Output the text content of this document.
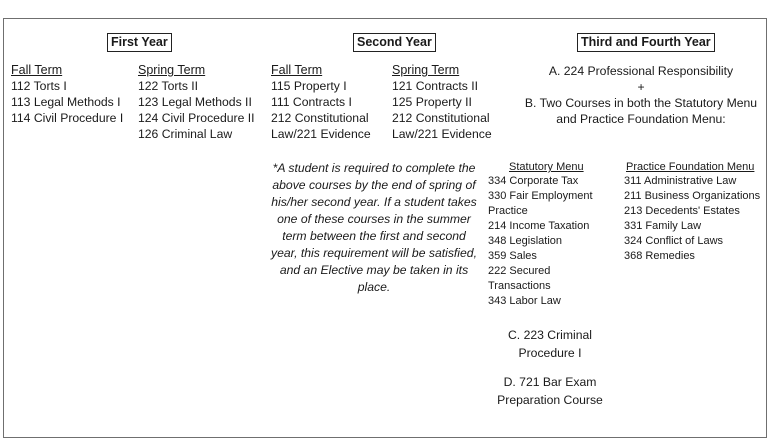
First Year	Second Year	Third and Fourth Year
Fall Term
112 Torts I
113 Legal Methods I
114 Civil Procedure I
Spring Term
122 Torts II
123 Legal Methods II
124 Civil Procedure II
126 Criminal Law
Fall Term
115 Property I
111 Contracts I
212 Constitutional
Law/221 Evidence
Spring Term
121 Contracts II
125 Property II
212 Constitutional
Law/221 Evidence
*A student is required to complete the above courses by the end of spring of his/her second year. If a student takes one of these courses in the summer term between the first and second year, this requirement will be satisfied, and an Elective may be taken in its place.
A. 224 Professional Responsibility
+
B. Two Courses in both the Statutory Menu
and Practice Foundation Menu:
Statutory Menu
334 Corporate Tax
330 Fair Employment
Practice
214 Income Taxation
348 Legislation
359 Sales
222 Secured
Transactions
343 Labor Law
Practice Foundation Menu
311 Administrative Law
211 Business Organizations
213 Decedents' Estates
331 Family Law
324 Conflict of Laws
368 Remedies
C. 223 Criminal
Procedure I
D. 721 Bar Exam
Preparation Course
